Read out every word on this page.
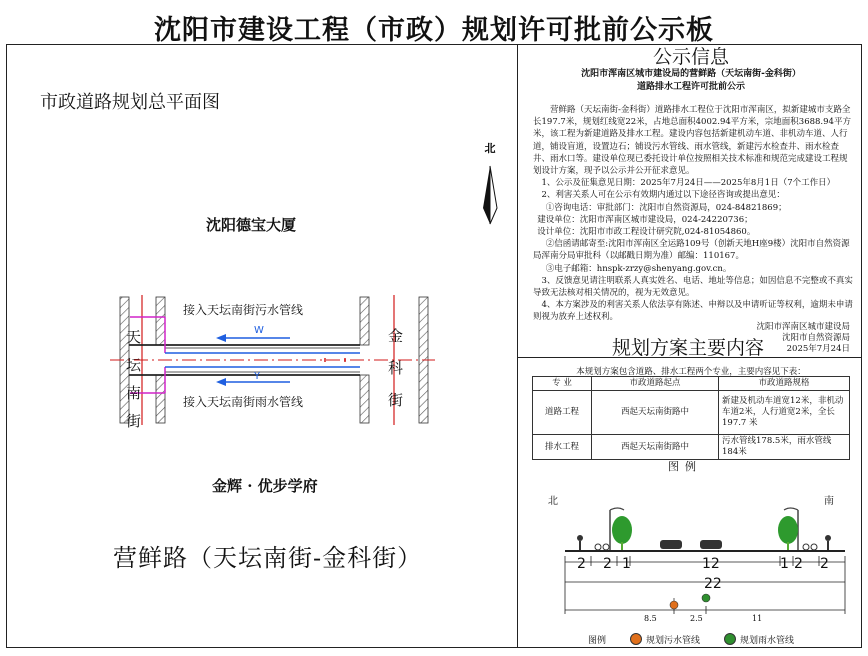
沈阳市建设工程（市政）规划许可批前公示板
市政道路规划总平面图
北
沈阳德宝大厦
金辉 · 优步学府
W
Y
接入天坛南街污水管线
接入天坛南街雨水管线
天
坛
南
街
金
科
街
营鲜路（天坛南街-金科街）
公示信息
沈阳市浑南区城市建设局的营鲜路（天坛南街-金科街）
道路排水工程许可批前公示

营鲜路（天坛南街-金科街）道路排水工程位于沈阳市浑南区，拟新建城市支路全长197.7米，规划红线宽22米，占地总面积4002.94平方米，宗地面积3688.94平方米，该工程为新建道路及排水工程。建设内容包括新建机动车道、非机动车道、人行道，铺设盲道，设置边石；铺设污水管线、雨水管线，新建污水检查井、雨水检查井、雨水口等。建设单位现已委托设计单位按照相关技术标准和规范完成建设工程规划设计方案，现予以公示并公开征求意见。

1、公示及征集意见日期：2025年7月24日——2025年8月1日（7个工作日）

2、利害关系人可在公示有效期内通过以下途径咨询或提出意见：

①咨询电话：审批部门：沈阳市自然资源局，024-84821869；

建设单位：沈阳市浑南区城市建设局，024-24220736；

设计单位：沈阳市市政工程设计研究院,024-81054860。

②信函请邮寄至:沈阳市浑南区全运路109号（创新天地H座9楼）沈阳市自然资源局浑南分局审批科（以邮戳日期为准）邮编：110167。

③电子邮箱：hnspk-zrzy@shenyang.gov.cn。

3、反馈意见请注明联系人真实姓名、电话、地址等信息；如因信息不完整或不真实导致无法核对相关情况的，视为无效意见。

4、本方案涉及的利害关系人依法享有陈述、申辩以及申请听证等权利，逾期未申请则视为放弃上述权利。

沈阳市浑南区城市建设局
沈阳市自然资源局
2025年7月24日
规划方案主要内容
本规划方案包含道路、排水工程两个专业，主要内容见下表：
专 业	市政道路起点	市政道路规格
道路工程	西起天坛南街路中	新建及机动车道宽12米，非机动车道2米，人行道宽2米，全长 197.7 米
排水工程	西起天坛南街路中	污水管线178.5米，雨水管线184米
图例
北	南
2 2 1	12	1 2 2
22
8.5	2.5	11
图例	规划污水管线	规划雨水管线
